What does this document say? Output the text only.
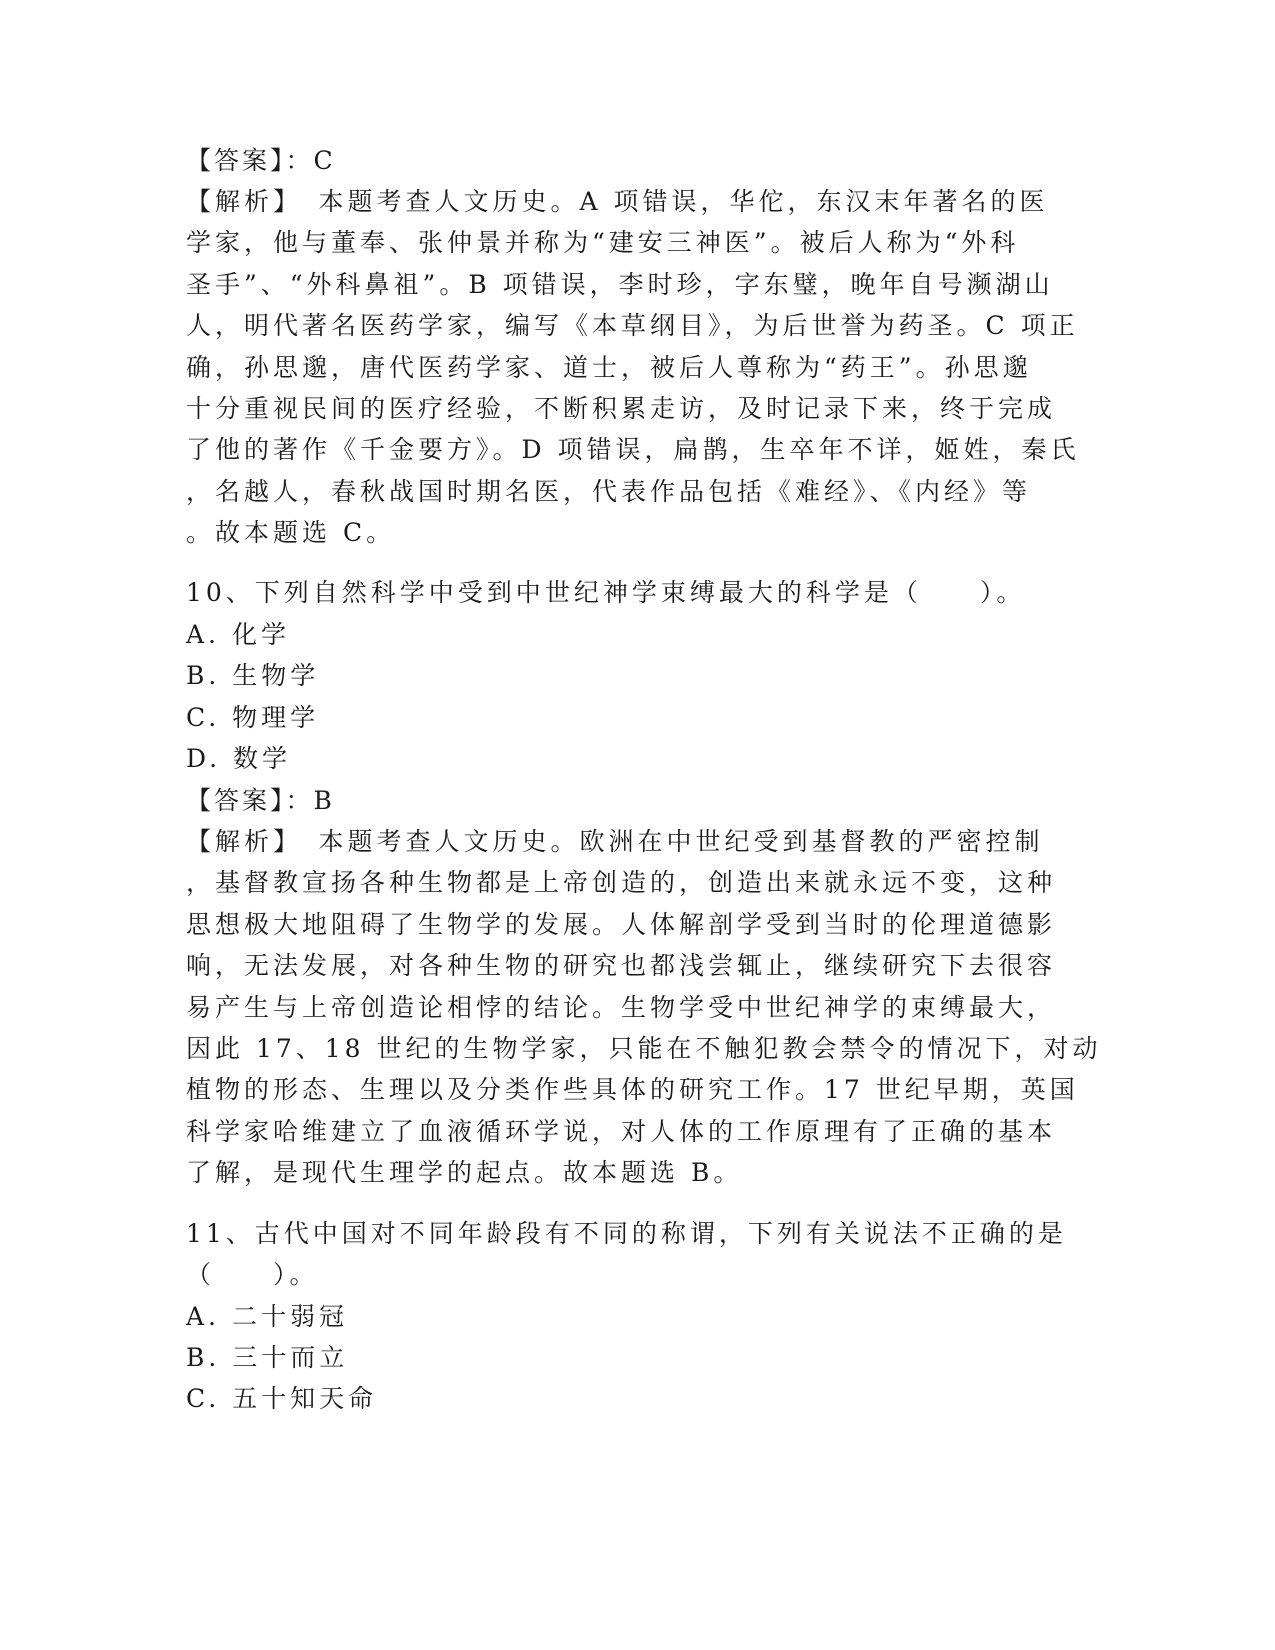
【答案】：C
【解析】　本题考查人文历史。A 项错误，华佗，东汉末年著名的医
学家，他与董奉、张仲景并称为“建安三神医”。被后人称为“外科
圣手”、“外科鼻祖”。B 项错误，李时珍，字东璧，晚年自号濒湖山
人，明代著名医药学家，编写《本草纲目》，为后世誉为药圣。C 项正
确，孙思邈，唐代医药学家、道士，被后人尊称为“药王”。孙思邈
十分重视民间的医疗经验，不断积累走访，及时记录下来，终于完成
了他的著作《千金要方》。D 项错误，扁鹊，生卒年不详，姬姓，秦氏
，名越人，春秋战国时期名医，代表作品包括《难经》、《内经》等
。故本题选 C。
10、下列自然科学中受到中世纪神学束缚最大的科学是（　　）。
A. 化学
B. 生物学
C. 物理学
D. 数学
【答案】：B
【解析】　本题考查人文历史。欧洲在中世纪受到基督教的严密控制
，基督教宣扬各种生物都是上帝创造的，创造出来就永远不变，这种
思想极大地阻碍了生物学的发展。人体解剖学受到当时的伦理道德影
响，无法发展，对各种生物的研究也都浅尝辄止，继续研究下去很容
易产生与上帝创造论相悖的结论。生物学受中世纪神学的束缚最大，
因此 17、18 世纪的生物学家，只能在不触犯教会禁令的情况下，对动
植物的形态、生理以及分类作些具体的研究工作。17 世纪早期，英国
科学家哈维建立了血液循环学说，对人体的工作原理有了正确的基本
了解，是现代生理学的起点。故本题选 B。
11、古代中国对不同年龄段有不同的称谓，下列有关说法不正确的是
（　　）。
A. 二十弱冠
B. 三十而立
C. 五十知天命
